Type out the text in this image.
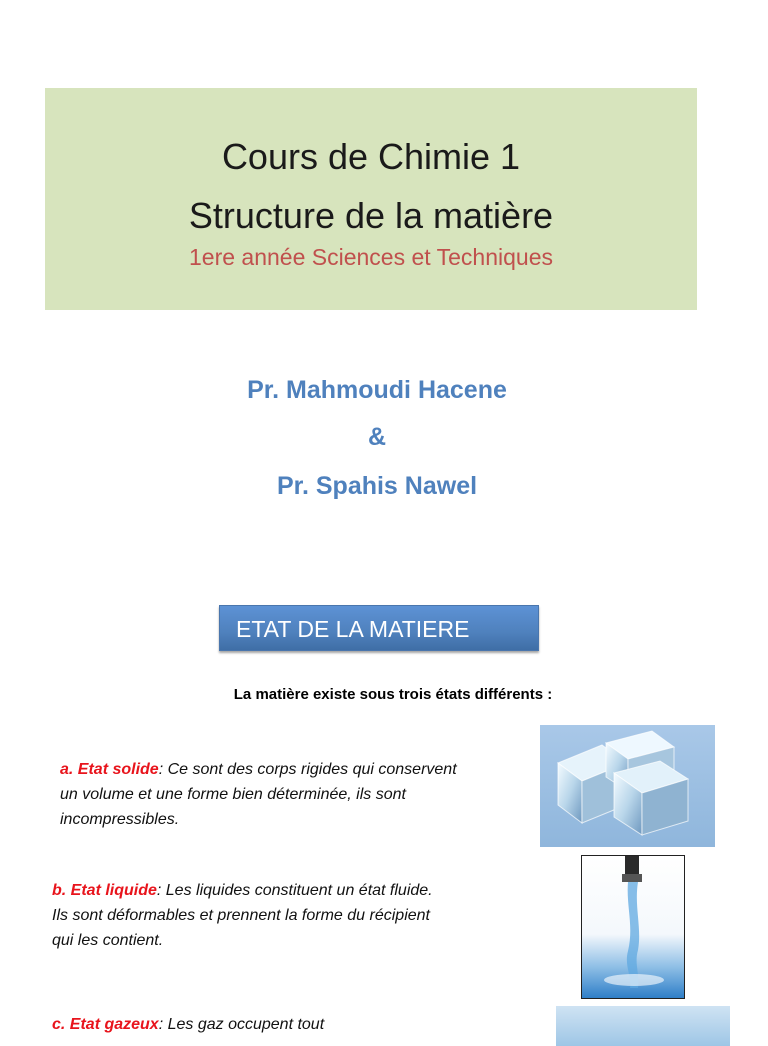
Cours de Chimie 1
Structure de la matière
1ere année Sciences et Techniques
Pr. Mahmoudi Hacene
&
Pr. Spahis Nawel
ETAT DE LA MATIERE
La matière existe sous trois états différents :
a. Etat solide: Ce sont des corps rigides qui conservent un volume et une forme bien déterminée, ils sont incompressibles.
b. Etat liquide: Les liquides constituent un état fluide. Ils sont déformables et prennent la forme du récipient qui les contient.
c. Etat gazeux: Les gaz occupent tout
